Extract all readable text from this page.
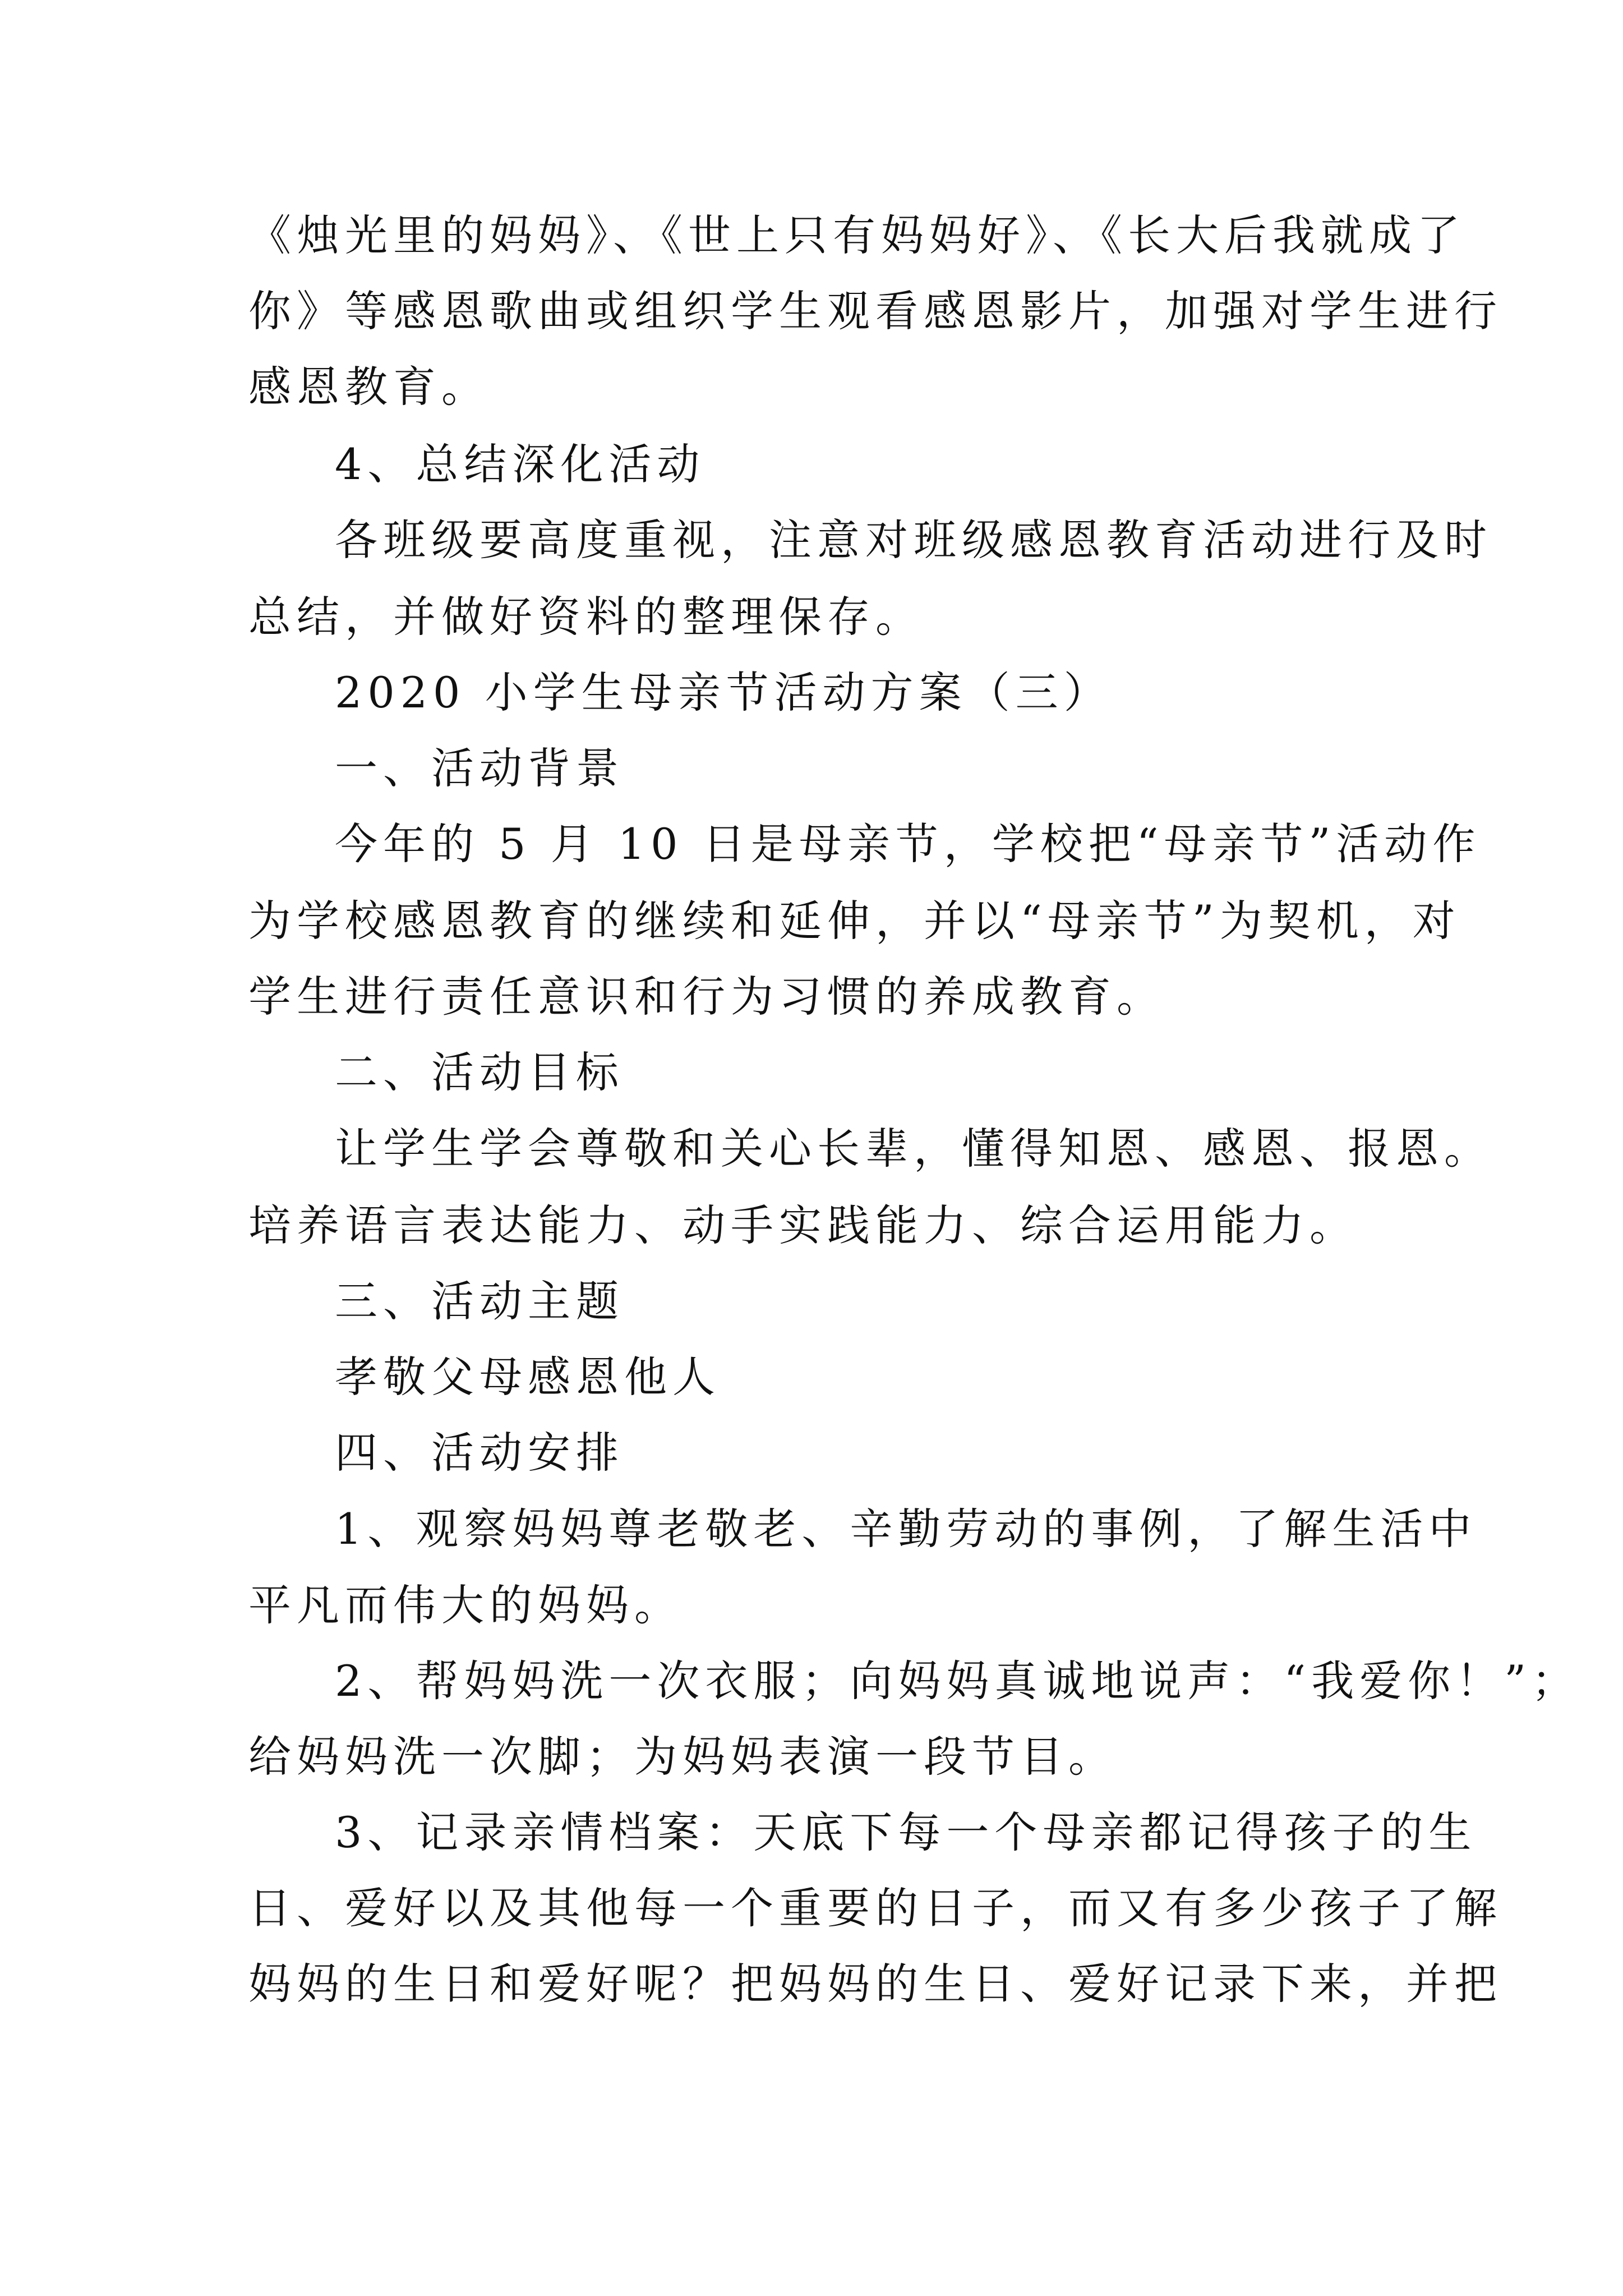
《烛光里的妈妈》、《世上只有妈妈好》、《长大后我就成了
你》等感恩歌曲或组织学生观看感恩影片，加强对学生进行
感恩教育。
4、总结深化活动
各班级要高度重视，注意对班级感恩教育活动进行及时
总结，并做好资料的整理保存。
2020 小学生母亲节活动方案（三）
一、活动背景
今年的 5 月 10 日是母亲节，学校把“母亲节”活动作
为学校感恩教育的继续和延伸，并以“母亲节”为契机，对
学生进行责任意识和行为习惯的养成教育。
二、活动目标
让学生学会尊敬和关心长辈，懂得知恩、感恩、报恩。
培养语言表达能力、动手实践能力、综合运用能力。
三、活动主题
孝敬父母感恩他人
四、活动安排
1、观察妈妈尊老敬老、辛勤劳动的事例，了解生活中
平凡而伟大的妈妈。
2、帮妈妈洗一次衣服；向妈妈真诚地说声：“我爱你！”；
给妈妈洗一次脚；为妈妈表演一段节目。
3、记录亲情档案：天底下每一个母亲都记得孩子的生
日、爱好以及其他每一个重要的日子，而又有多少孩子了解
妈妈的生日和爱好呢？把妈妈的生日、爱好记录下来，并把
